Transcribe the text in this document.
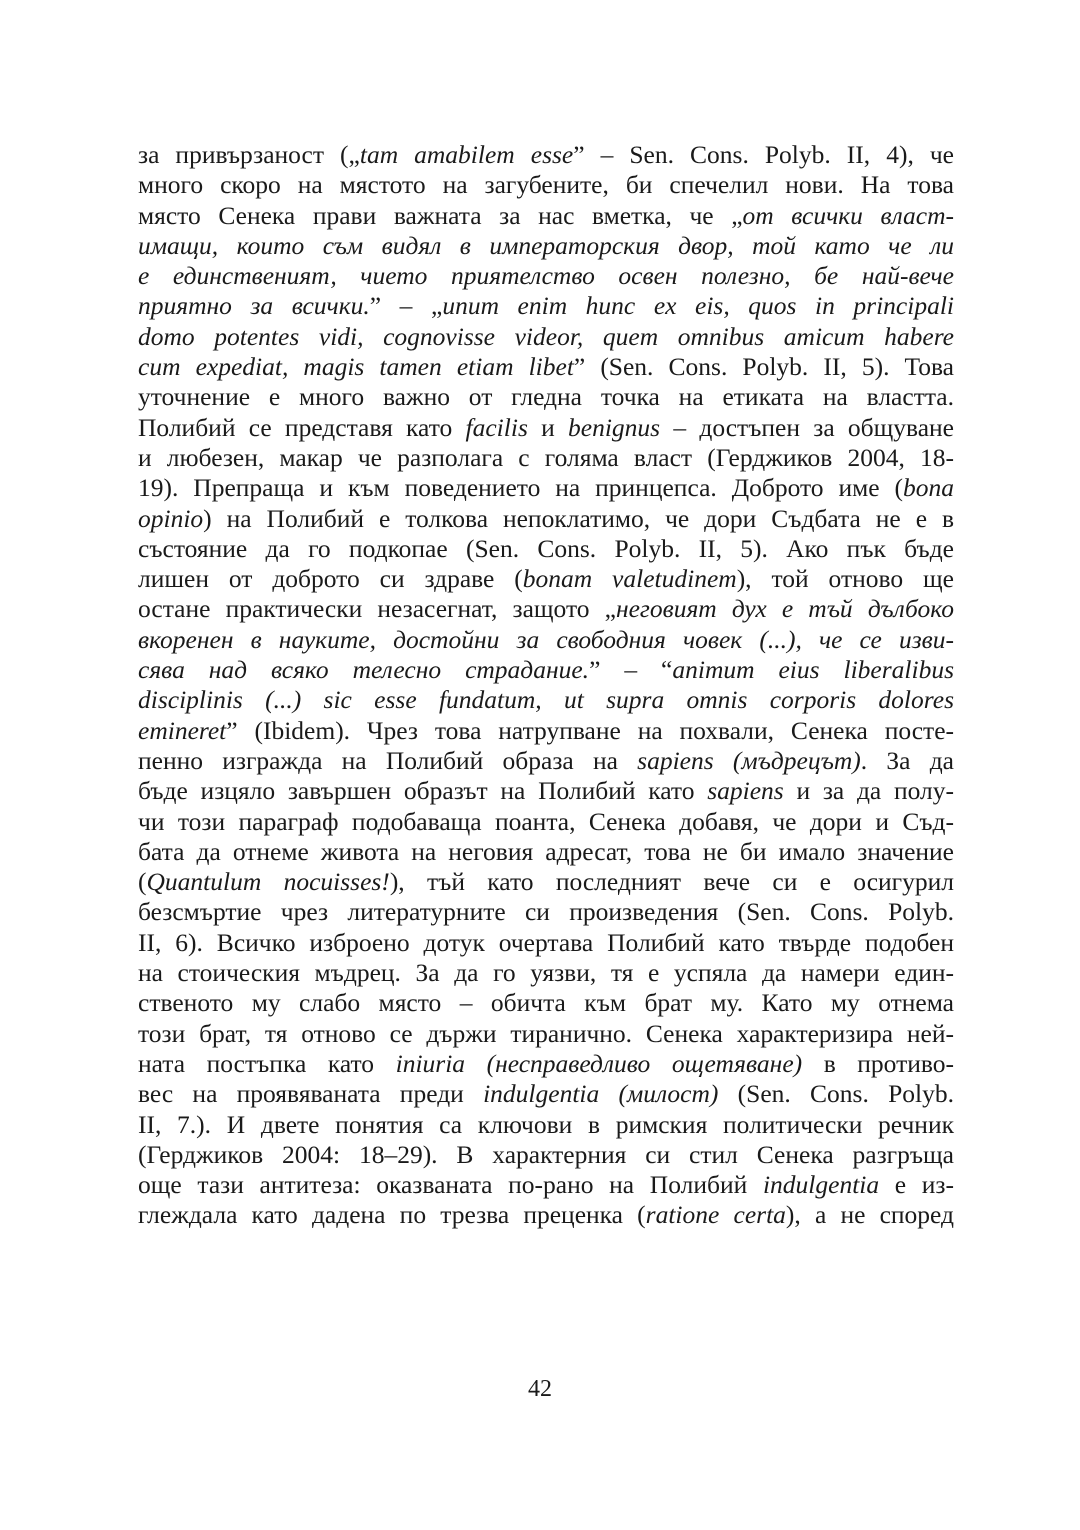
за привързаност („tam amabilem esse” – Sen. Cons. Polyb. II, 4), че
много скоро на мястото на загубените, би спечелил нови. На това
място Сенека прави важната за нас вметка, че „от всички власт-
имащи, които съм видял в императорския двор, той като че ли
е единственият, чието приятелство освен полезно, бе най-вече
приятно за всички.” – „unum enim hunc ex eis, quos in principali
domo potentes vidi, cognovisse videor, quem omnibus amicum habere
cum expediat, magis tamen etiam libet” (Sen. Cons. Polyb. II, 5). Това
уточнение е много важно от гледна точка на етиката на властта.
Полибий се представя като facilis и benignus – достъпен за общуване
и любезен, макар че разполага с голяма власт (Герджиков 2004, 18-
19). Препраща и към поведението на принцепса. Доброто име (bona
opinio) на Полибий е толкова непоклатимо, че дори Съдбата не е в
състояние да го подкопае (Sen. Cons. Polyb. II, 5). Ако пък бъде
лишен от доброто си здраве (bonam valetudinem), той отново ще
остане практически незасегнат, защото „неговият дух е тъй дълбоко
вкоренен в науките, достойни за свободния човек (...), че се изви-
сява над всяко телесно страдание.” – “animum eius liberalibus
disciplinis (...) sic esse fundatum, ut supra omnis corporis dolores
emineret” (Ibidem). Чрез това натрупване на похвали, Сенека посте-
пенно изгражда на Полибий образа на sapiens (мъдрецът). За да
бъде изцяло завършен образът на Полибий като sapiens и за да полу-
чи този параграф подобаваща поанта, Сенека добавя, че дори и Съд-
бата да отнеме живота на неговия адресат, това не би имало значение
(Quantulum nocuisses!), тъй като последният вече си е осигурил
безсмъртие чрез литературните си произведения (Sen. Cons. Polyb.
II, 6). Всичко изброено дотук очертава Полибий като твърде подобен
на стоическия мъдрец. За да го уязви, тя е успяла да намери един-
ственото му слабо място – обичта към брат му. Като му отнема
този брат, тя отново се държи тиранично. Сенека характеризира ней-
ната постъпка като iniuria (несправедливо ощетяване) в противо-
вес на проявяваната преди indulgentia (милост) (Sen. Cons. Polyb.
II, 7.). И двете понятия са ключови в римския политически речник
(Герджиков 2004: 18–29). В характерния си стил Сенека разгръща
още тази антитеза: оказваната по-рано на Полибий indulgentia е из-
глеждала като дадена по трезва преценка (ratione certa), а не според
42
